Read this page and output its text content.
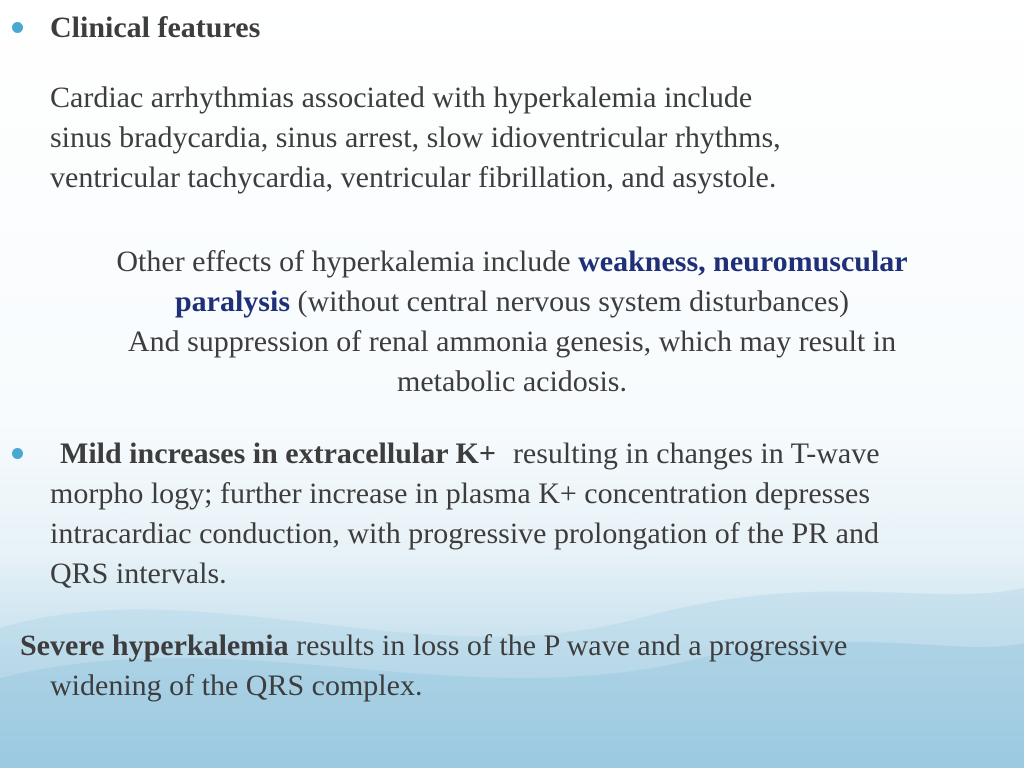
Clinical features
Cardiac arrhythmias associated with hyperkalemia include
sinus bradycardia, sinus arrest, slow idioventricular rhythms,
ventricular tachycardia, ventricular fibrillation, and asystole.
Other effects of hyperkalemia include weakness, neuromuscular
paralysis (without central nervous system disturbances)
And suppression of renal ammonia genesis, which may result in
metabolic acidosis.
Mild increases in extracellular K+ resulting in changes in T-wave
morpho logy; further increase in plasma K+ concentration depresses
intracardiac conduction, with progressive prolongation of the PR and
QRS intervals.
Severe hyperkalemia results in loss of the P wave and a progressive
widening of the QRS complex.
